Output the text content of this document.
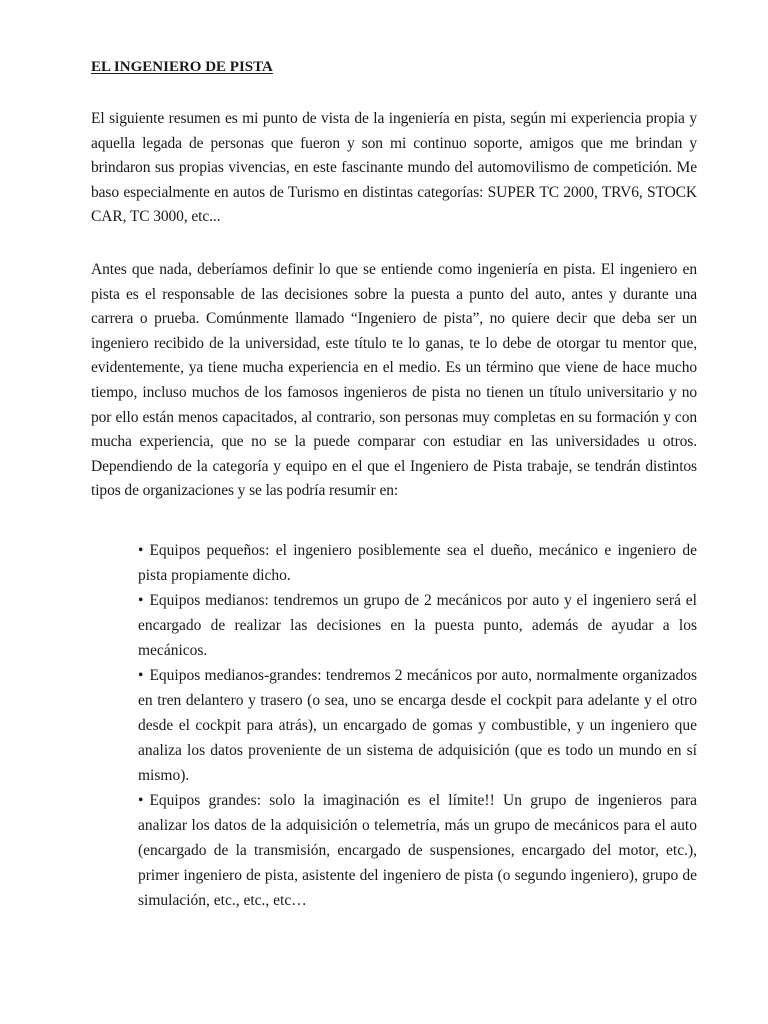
EL INGENIERO DE PISTA

El siguiente resumen es mi punto de vista de la ingeniería en pista, según mi experiencia propia y aquella legada de personas que fueron y son mi continuo soporte, amigos que me brindan y brindaron sus propias vivencias, en este fascinante mundo del automovilismo de competición. Me baso especialmente en autos de Turismo en distintas categorías: SUPER TC 2000, TRV6, STOCK CAR, TC 3000, etc...

Antes que nada, deberíamos definir lo que se entiende como ingeniería en pista. El ingeniero en pista es el responsable de las decisiones sobre la puesta a punto del auto, antes y durante una carrera o prueba. Comúnmente llamado “Ingeniero de pista”, no quiere decir que deba ser un ingeniero recibido de la universidad, este título te lo ganas, te lo debe de otorgar tu mentor que, evidentemente, ya tiene mucha experiencia en el medio. Es un término que viene de hace mucho tiempo, incluso muchos de los famosos ingenieros de pista no tienen un título universitario y no por ello están menos capacitados, al contrario, son personas muy completas en su formación y con mucha experiencia, que no se la puede comparar con estudiar en las universidades u otros. Dependiendo de la categoría y equipo en el que el Ingeniero de Pista trabaje, se tendrán distintos tipos de organizaciones y se las podría resumir en:

• Equipos pequeños: el ingeniero posiblemente sea el dueño, mecánico e ingeniero de pista propiamente dicho.
• Equipos medianos: tendremos un grupo de 2 mecánicos por auto y el ingeniero será el encargado de realizar las decisiones en la puesta punto, además de ayudar a los mecánicos.
• Equipos medianos-grandes: tendremos 2 mecánicos por auto, normalmente organizados en tren delantero y trasero (o sea, uno se encarga desde el cockpit para adelante y el otro desde el cockpit para atrás), un encargado de gomas y combustible, y un ingeniero que analiza los datos proveniente de un sistema de adquisición (que es todo un mundo en sí mismo).
• Equipos grandes: solo la imaginación es el límite!! Un grupo de ingenieros para analizar los datos de la adquisición o telemetría, más un grupo de mecánicos para el auto (encargado de la transmisión, encargado de suspensiones, encargado del motor, etc.), primer ingeniero de pista, asistente del ingeniero de pista (o segundo ingeniero), grupo de simulación, etc., etc., etc…
